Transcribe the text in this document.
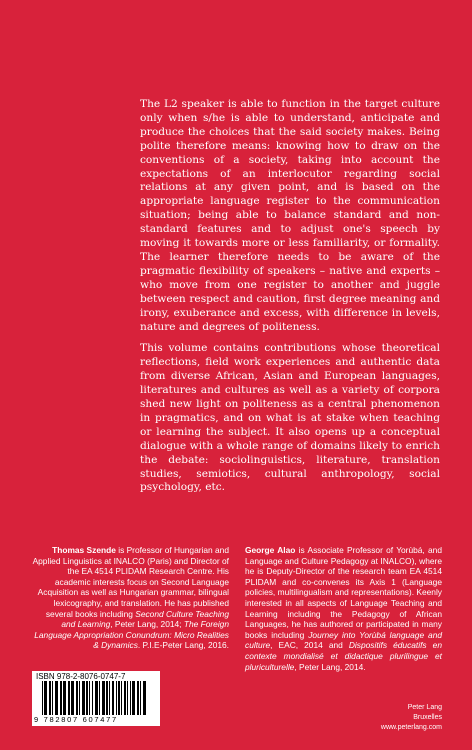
The L2 speaker is able to function in the target culture only when s/he is able to understand, anticipate and produce the choices that the said society makes. Being polite therefore means: knowing how to draw on the conventions of a society, taking into account the expectations of an interlocutor regarding social relations at any given point, and is based on the appropriate language register to the communication situation; being able to balance standard and non-standard features and to adjust one's speech by moving it towards more or less familiarity, or formality. The learner therefore needs to be aware of the pragmatic flexibility of speakers – native and experts – who move from one register to another and juggle between respect and caution, first degree meaning and irony, exuberance and excess, with difference in levels, nature and degrees of politeness.

This volume contains contributions whose theoretical reflections, field work experiences and authentic data from diverse African, Asian and European languages, literatures and cultures as well as a variety of corpora shed new light on politeness as a central phenomenon in pragmatics, and on what is at stake when teaching or learning the subject. It also opens up a conceptual dialogue with a whole range of domains likely to enrich the debate: sociolinguistics, literature, translation studies, semiotics, cultural anthropology, social psychology, etc.

Thomas Szende is Professor of Hungarian and Applied Linguistics at INALCO (Paris) and Director of the EA 4514 PLIDAM Research Centre. His academic interests focus on Second Language Acquisition as well as Hungarian grammar, bilingual lexicography, and translation. He has published several books including Second Culture Teaching and Learning, Peter Lang, 2014; The Foreign Language Appropriation Conundrum: Micro Realities & Dynamics. P.I.E-Peter Lang, 2016.
George Alao is Associate Professor of Yorùbá, and Language and Culture Pedagogy at INALCO), where he is Deputy-Director of the research team EA 4514 PLIDAM and co-convenes its Axis 1 (Language policies, multilingualism and representations). Keenly interested in all aspects of Language Teaching and Learning including the Pedagogy of African Languages, he has authored or participated in many books including Journey into Yorùbá language and culture, EAC, 2014 and Dispositifs éducatifs en contexte mondialisé et didactique plurilingue et pluriculturelle, Peter Lang, 2014.
ISBN 978-2-8076-0747-7
9 782807 607477
Peter Lang
Bruxelles
www.peterlang.com
